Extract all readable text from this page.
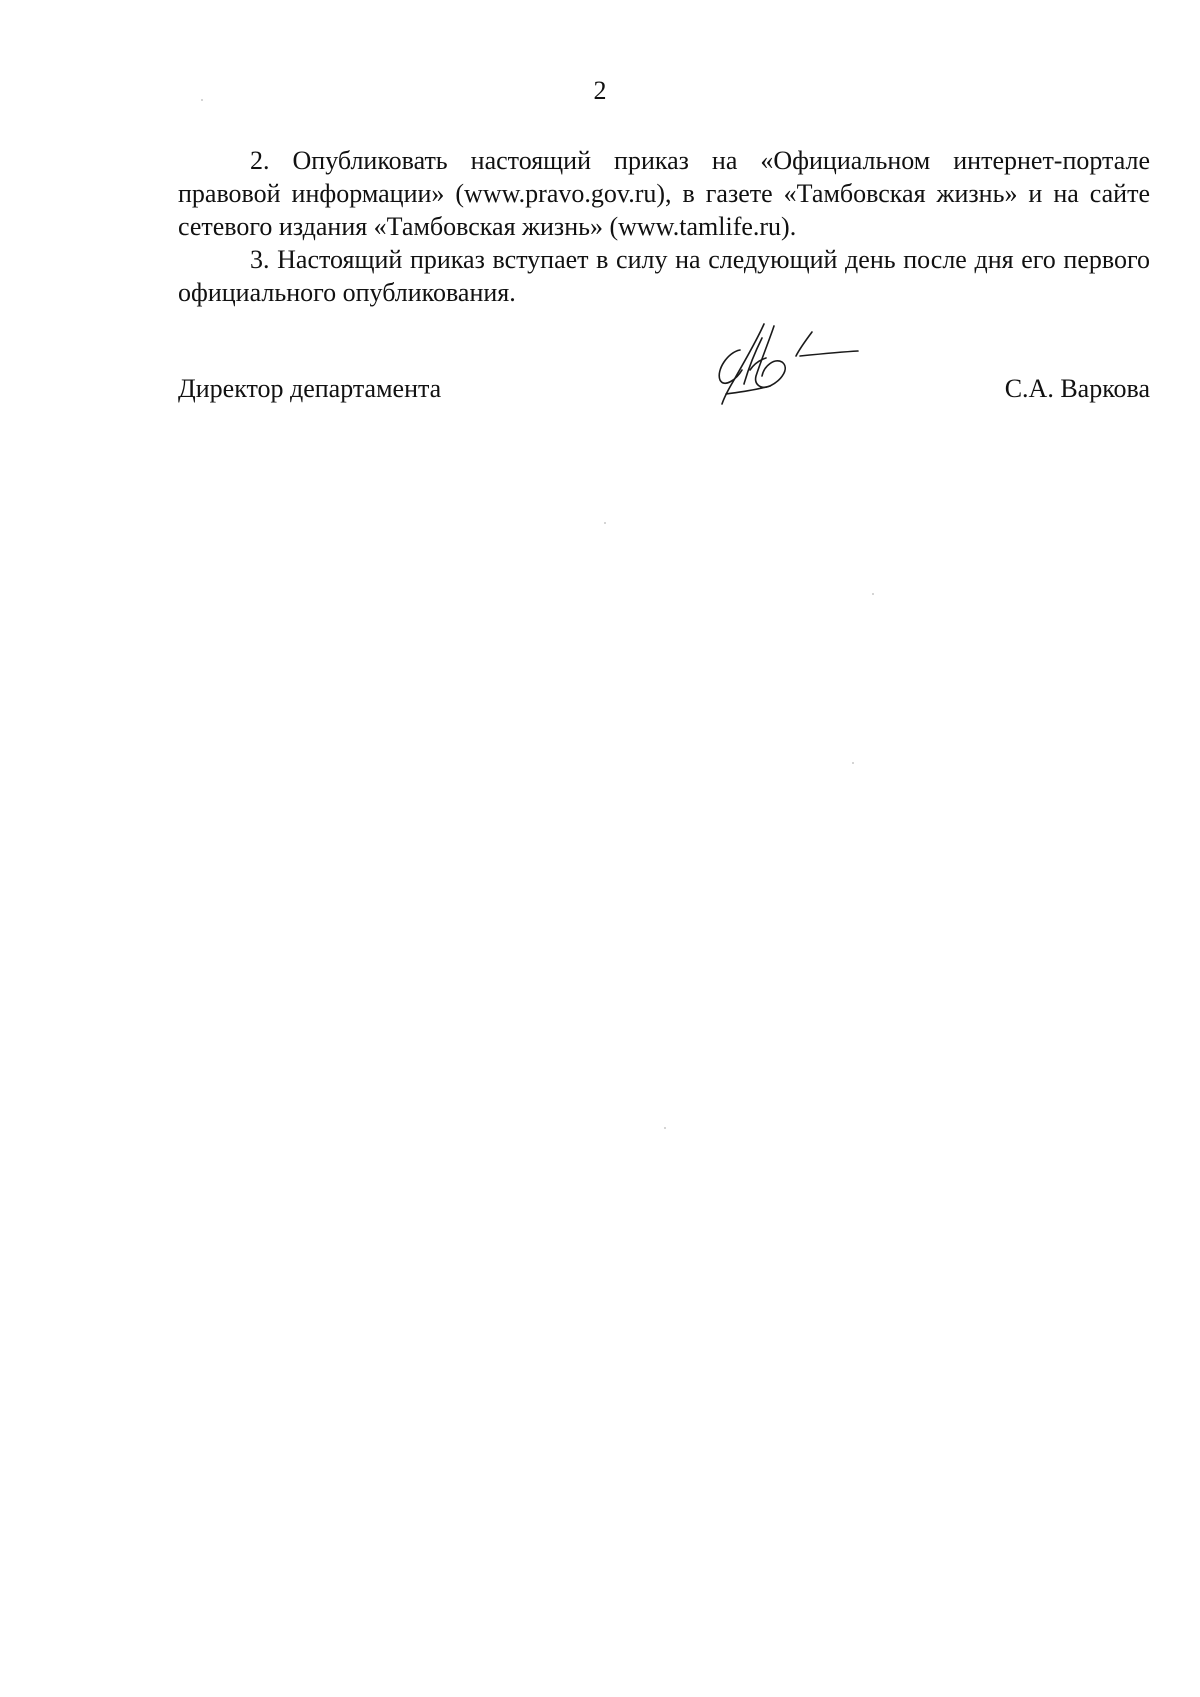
2

2. Опубликовать настоящий приказ на «Официальном интернет-портале правовой информации» (www.pravo.gov.ru), в газете «Тамбовская жизнь» и на сайте сетевого издания «Тамбовская жизнь» (www.tamlife.ru).

3. Настоящий приказ вступает в силу на следующий день после дня его первого официального опубликования.

Директор департамента	С.А. Варкова
